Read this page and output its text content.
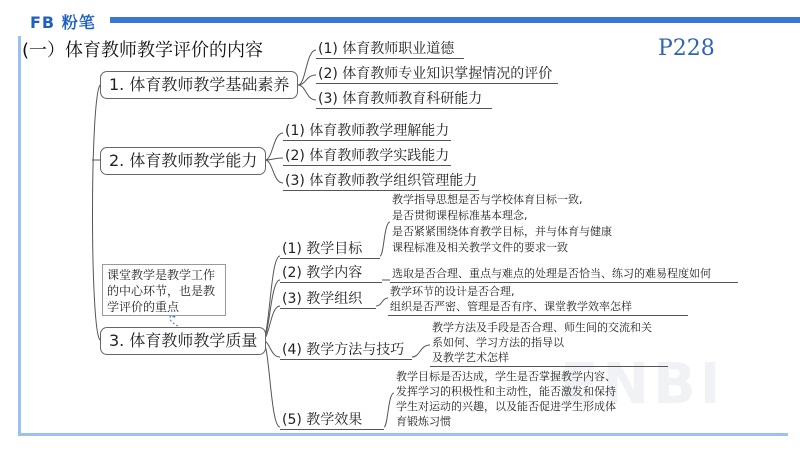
FB 粉笔
ENBI
(一）体育教师教学评价的内容	P228
1. 体育教师教学基础素养
(1) 体育教师职业道德
(2) 体育教师专业知识掌握情况的评价
(3) 体育教师教育科研能力
2. 体育教师教学能力
(1) 体育教师教学理解能力
(2) 体育教师教学实践能力
(3) 体育教师教学组织管理能力
3. 体育教师教学质量
(1) 教学目标
教学指导思想是否与学校体育目标一致,
是否贯彻课程标准基本理念,
是否紧紧围绕体育教学目标，并与体育与健康
课程标准及相关教学文件的要求一致
(2) 教学内容	选取是否合理、重点与难点的处理是否恰当、练习的难易程度如何
(3) 教学组织	教学环节的设计是否合理,
组织是否严密、管理是否有序、课堂教学效率怎样
(4) 教学方法与技巧
教学方法及手段是否合理、师生间的交流和关
系如何、学习方法的指导以
及教学艺术怎样
(5) 教学效果
教学目标是否达成，学生是否掌握教学内容、
发挥学习的积极性和主动性，能否激发和保持
学生对运动的兴趣，以及能否促进学生形成体
育锻炼习惯
课堂教学是教学工作
的中心环节，也是教
学评价的重点
